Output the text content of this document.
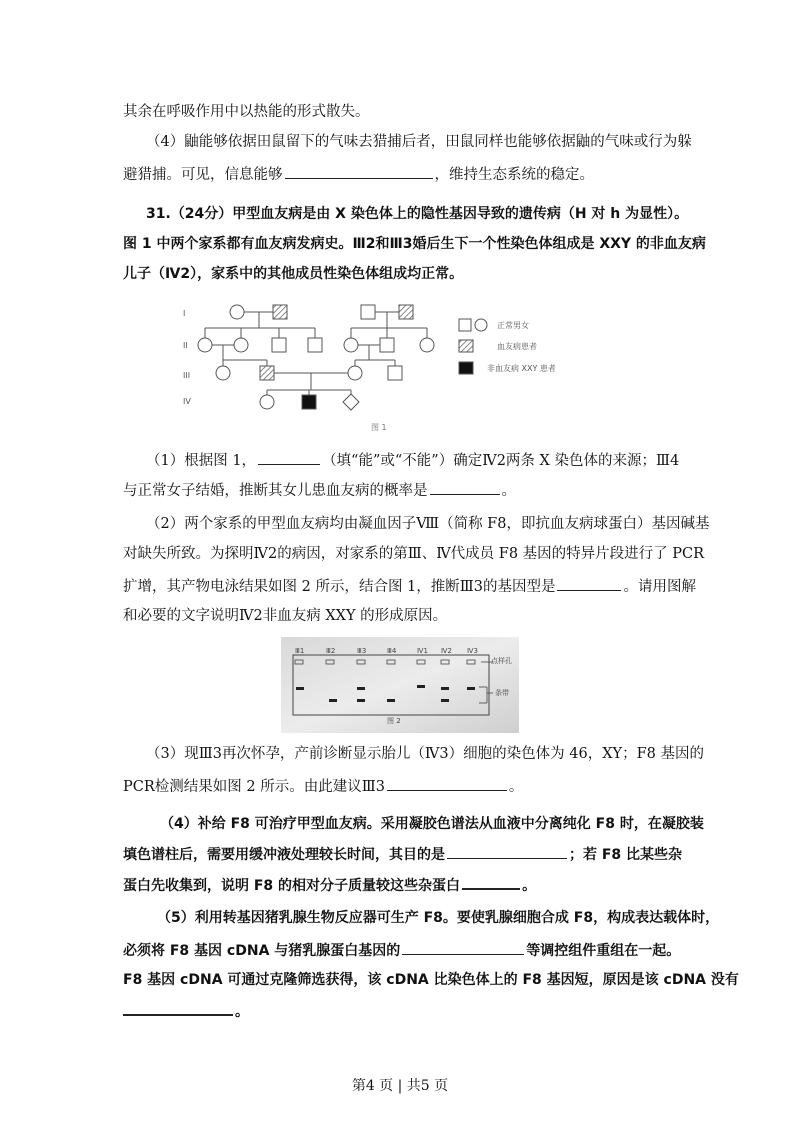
其余在呼吸作用中以热能的形式散失。
（4）鼬能够依据田鼠留下的气味去猎捕后者，田鼠同样也能够依据鼬的气味或行为躲
避猎捕。可见，信息能够	，维持生态系统的稳定。
31.（24分）甲型血友病是由 X 染色体上的隐性基因导致的遗传病（H 对 h 为显性）。
图 1 中两个家系都有血友病发病史。Ⅲ2和Ⅲ3婚后生下一个性染色体组成是 XXY 的非血友病
儿子（Ⅳ2），家系中的其他成员性染色体组成均正常。
I
II
III
IV
正常男女
血友病患者
非血友病 XXY 患者
图 1
（1）根据图 1，	（填“能”或“不能”）确定Ⅳ2两条 X 染色体的来源；Ⅲ4
与正常女子结婚，推断其女儿患血友病的概率是	。
（2）两个家系的甲型血友病均由凝血因子Ⅷ（简称 F8，即抗血友病球蛋白）基因碱基
对缺失所致。为探明Ⅳ2的病因，对家系的第Ⅲ、Ⅳ代成员 F8 基因的特异片段进行了 PCR
扩增，其产物电泳结果如图 2 所示，结合图 1，推断Ⅲ3的基因型是	。请用图解
和必要的文字说明Ⅳ2非血友病 XXY 的形成原因。
Ⅲ1	Ⅲ2	Ⅲ3	Ⅲ4	Ⅳ1 Ⅳ2 Ⅳ3
点样孔
条带
图 2
（3）现Ⅲ3再次怀孕，产前诊断显示胎儿（Ⅳ3）细胞的染色体为 46，XY；F8 基因的
PCR检测结果如图 2 所示。由此建议Ⅲ3	。
（4）补给 F8 可治疗甲型血友病。采用凝胶色谱法从血液中分离纯化 F8 时，在凝胶装
填色谱柱后，需要用缓冲液处理较长时间，其目的是	；若 F8 比某些杂
蛋白先收集到，说明 F8 的相对分子质量较这些杂蛋白	。
（5）利用转基因猪乳腺生物反应器可生产 F8。要使乳腺细胞合成 F8，构成表达载体时，
必须将 F8 基因 cDNA 与猪乳腺蛋白基因的	等调控组件重组在一起。
F8 基因 cDNA 可通过克隆筛选获得，该 cDNA 比染色体上的 F8 基因短，原因是该 cDNA 没有
。
第4 页 | 共5 页
